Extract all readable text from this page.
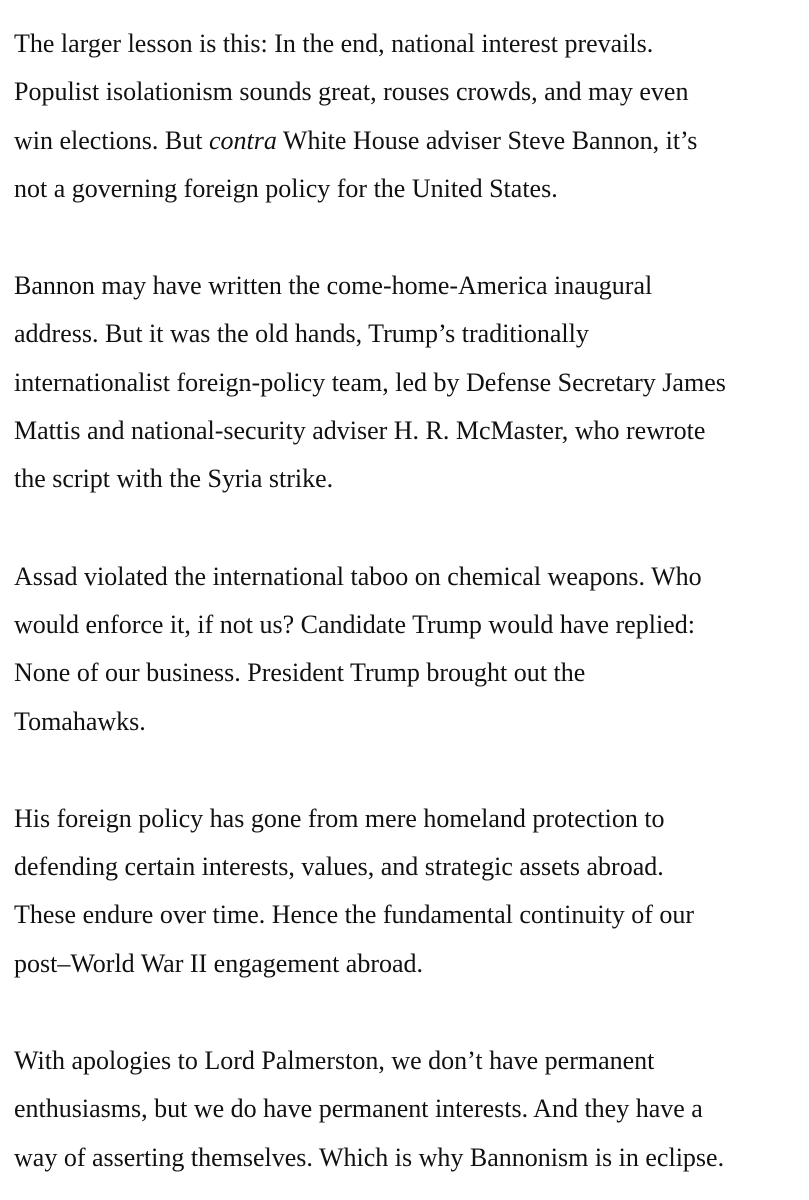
The larger lesson is this: In the end, national interest prevails.
Populist isolationism sounds great, rouses crowds, and may even
win elections. But contra White House adviser Steve Bannon, it’s
not a governing foreign policy for the United States.

Bannon may have written the come-home-America inaugural
address. But it was the old hands, Trump’s traditionally
internationalist foreign-policy team, led by Defense Secretary James
Mattis and national-security adviser H. R. McMaster, who rewrote
the script with the Syria strike.

Assad violated the international taboo on chemical weapons. Who
would enforce it, if not us? Candidate Trump would have replied:
None of our business. President Trump brought out the
Tomahawks.

His foreign policy has gone from mere homeland protection to
defending certain interests, values, and strategic assets abroad.
These endure over time. Hence the fundamental continuity of our
post–World War II engagement abroad.

With apologies to Lord Palmerston, we don’t have permanent
enthusiasms, but we do have permanent interests. And they have a
way of asserting themselves. Which is why Bannonism is in eclipse.
